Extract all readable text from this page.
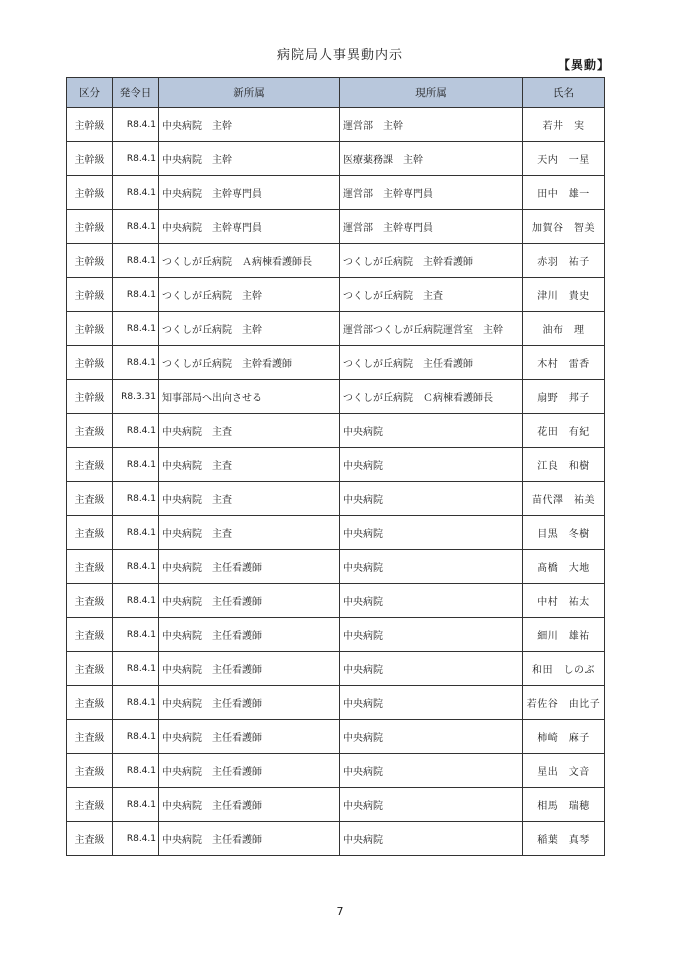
病院局人事異動内示
【異動】
区分	発令日	新所属	現所属	氏名
主幹級	R8.4.1	中央病院　主幹	運営部　主幹	若井　実
主幹級	R8.4.1	中央病院　主幹	医療薬務課　主幹	天内　一星
主幹級	R8.4.1	中央病院　主幹専門員	運営部　主幹専門員	田中　雄一
主幹級	R8.4.1	中央病院　主幹専門員	運営部　主幹専門員	加賀谷　智美
主幹級	R8.4.1	つくしが丘病院　Ａ病棟看護師長	つくしが丘病院　主幹看護師	赤羽　祐子
主幹級	R8.4.1	つくしが丘病院　主幹	つくしが丘病院　主査	津川　貴史
主幹級	R8.4.1	つくしが丘病院　主幹	運営部つくしが丘病院運営室　主幹	油布　理
主幹級	R8.4.1	つくしが丘病院　主幹看護師	つくしが丘病院　主任看護師	木村　雷香
主幹級	R8.3.31	知事部局へ出向させる	つくしが丘病院　Ｃ病棟看護師長	扇野　邦子
主査級	R8.4.1	中央病院　主査	中央病院	花田　有紀
主査級	R8.4.1	中央病院　主査	中央病院	江良　和樹
主査級	R8.4.1	中央病院　主査	中央病院	苗代澤　祐美
主査級	R8.4.1	中央病院　主査	中央病院	目黒　冬樹
主査級	R8.4.1	中央病院　主任看護師	中央病院	髙橋　大地
主査級	R8.4.1	中央病院　主任看護師	中央病院	中村　祐太
主査級	R8.4.1	中央病院　主任看護師	中央病院	細川　雄祐
主査級	R8.4.1	中央病院　主任看護師	中央病院	和田　しのぶ
主査級	R8.4.1	中央病院　主任看護師	中央病院	若佐谷　由比子
主査級	R8.4.1	中央病院　主任看護師	中央病院	柿崎　麻子
主査級	R8.4.1	中央病院　主任看護師	中央病院	星出　文音
主査級	R8.4.1	中央病院　主任看護師	中央病院	相馬　瑞穂
主査級	R8.4.1	中央病院　主任看護師	中央病院	稲葉　真琴
7
